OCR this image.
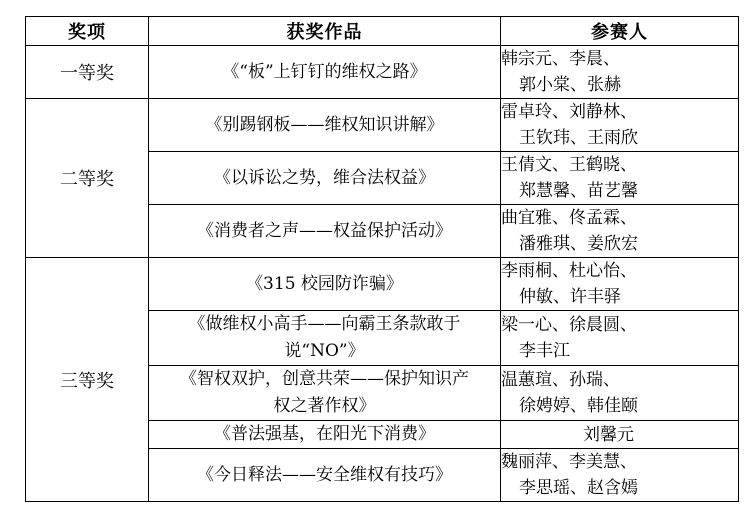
奖项	获奖作品	参赛人
一等奖	《“板”上钉钉的维权之路》	韩宗元、李晨、
郭小棠、张赫

二等奖	《别踢钢板——维权知识讲解》	雷卓玲、刘静林、
王钦玮、王雨欣

	《以诉讼之势，维合法权益》	王倩文、王鹤晓、
郑慧馨、苗艺馨

	《消费者之声——权益保护活动》	曲宜雅、佟孟霖、
潘雅琪、姜欣宏

三等奖	《315 校园防诈骗》	李雨桐、杜心怡、
仲敏、许丰驿

	《做维权小高手——向霸王条款敢于
说“NO”》	梁一心、徐晨圆、
李丰江

	《智权双护，创意共荣——保护知识产
权之著作权》	温蕙瑄、孙瑞、
徐娉婷、韩佳颐

	《普法强基，在阳光下消费》	刘馨元
	《今日释法——安全维权有技巧》	魏丽萍、李美慧、
李思瑶、赵含嫣
